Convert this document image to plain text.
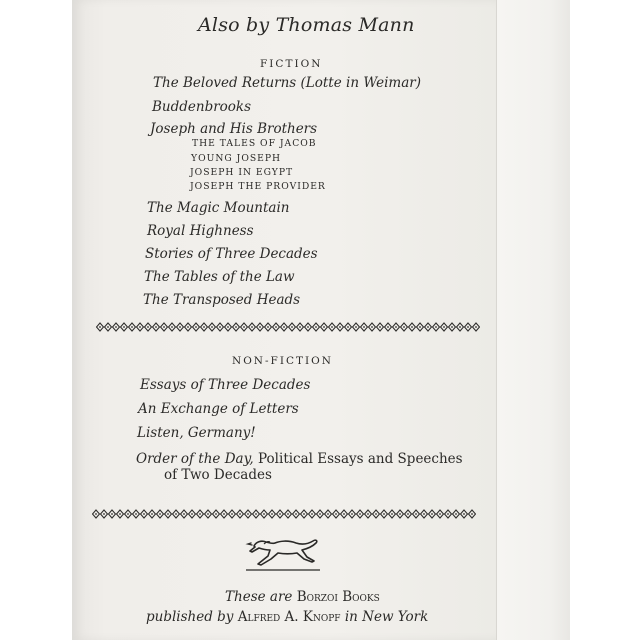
Also by Thomas Mann
FICTION
The Beloved Returns (Lotte in Weimar)
Buddenbrooks
Joseph and His Brothers
THE TALES OF JACOB
YOUNG JOSEPH
JOSEPH IN EGYPT
JOSEPH THE PROVIDER
The Magic Mountain
Royal Highness
Stories of Three Decades
The Tables of the Law
The Transposed Heads
NON-FICTION
Essays of Three Decades
An Exchange of Letters
Listen, Germany!
Order of the Day, Political Essays and Speeches
of Two Decades
These are Borzoi Books
published by Alfred A. Knopf in New York
